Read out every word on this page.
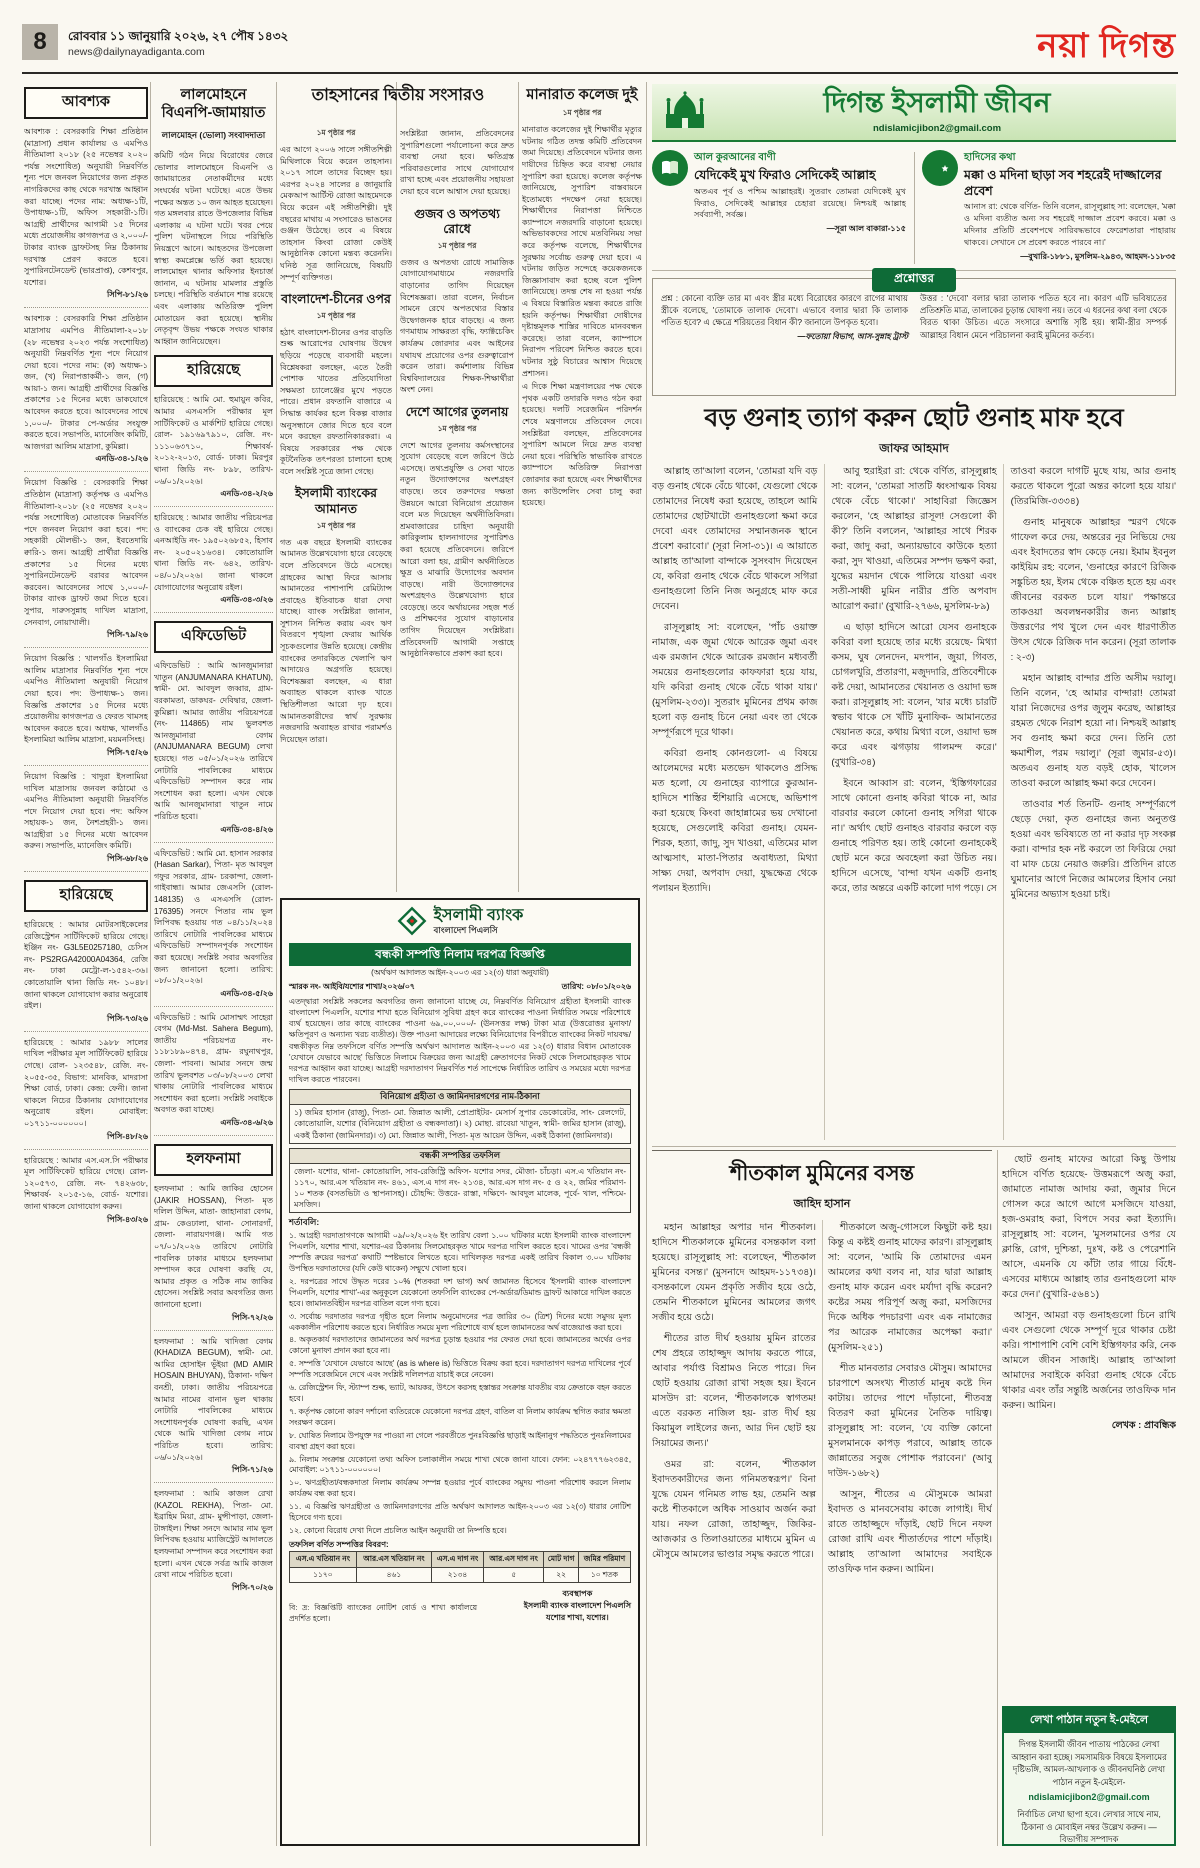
8	রোববার ১১ জানুয়ারি ২০২৬, ২৭ পৌষ ১৪৩২
news@dailynayadiganta.com	নয়া দিগন্ত
আবশ্যক

আবশ্যক : বেসরকারি শিক্ষা প্রতিষ্ঠান (মাদ্রাসা) প্রধান কার্যালয় ও এমপিও নীতিমালা ২০১৮ (২৫ নভেম্বর ২০২০ পর্যন্ত সংশোধিত) অনুযায়ী নিম্নবর্ণিত শূন্য পদে জনবল নিয়োগের জন্য প্রকৃত নাগরিকদের কাছ থেকে দরখাস্ত আহ্বান করা যাচ্ছে। পদের নাম: অধ্যক্ষ-১টি, উপাধ্যক্ষ-১টি, অফিস সহকারী-১টি। আগ্রহী প্রার্থীদের আগামী ১৫ দিনের মধ্যে প্রয়োজনীয় কাগজপত্র ও ২,০০০/- টাকার ব্যাংক ড্রাফটসহ নিম্ন ঠিকানায় দরখাস্ত প্রেরণ করতে হবে। সুপারিনটেনডেন্ট (ভারপ্রাপ্ত), কেশবপুর, যশোর।

সিপি-৮১/২৬

আবশ্যক : বেসরকারি শিক্ষা প্রতিষ্ঠান মাদ্রাসায় এমপিও নীতিমালা-২০১৮ (২৮ নভেম্বর ২০২৩ পর্যন্ত সংশোধিত) অনুযায়ী নিম্নবর্ণিত শূন্য পদে নিয়োগ দেয়া হবে। পদের নাম: (ক) অধ্যক্ষ-১ জন, (খ) নিরাপত্তাকর্মী-১ জন, (গ) আয়া-১ জন। আগ্রহী প্রার্থীদের বিজ্ঞপ্তি প্রকাশের ১৫ দিনের মধ্যে ডাকযোগে আবেদন করতে হবে। আবেদনের সাথে ১,০০০/- টাকার পে-অর্ডার সংযুক্ত করতে হবে। সভাপতি, ম্যানেজিং কমিটি, আজগরা আলিম মাদ্রাসা, কুমিল্লা।

এনডি-৩৪-১/২৬

নিয়োগ বিজ্ঞপ্তি : বেসরকারি শিক্ষা প্রতিষ্ঠান (মাদ্রাসা) কর্তৃপক্ষ ও এমপিও নীতিমালা-২০১৮ (২৫ নভেম্বর ২০২০ পর্যন্ত সংশোধিত) মোতাবেক নিম্নবর্ণিত পদে জনবল নিয়োগ করা হবে। পদ: সহকারী মৌলভী-১ জন, ইবতেদায়ি ক্বারি-১ জন। আগ্রহী প্রার্থীরা বিজ্ঞপ্তি প্রকাশের ১৫ দিনের মধ্যে সুপারিনটেনডেন্ট বরাবর আবেদন করবেন। আবেদনের সাথে ১,০০০/- টাকার ব্যাংক ড্রাফট জমা দিতে হবে। সুপার, দারুসসুন্নাহ দাখিল মাদ্রাসা, সেনবাগ, নোয়াখালী।

পিসি-৭৯/২৬

নিয়োগ বিজ্ঞপ্তি : খালগাঁও ইসলামিয়া আলিম মাদ্রাসার নিম্নবর্ণিত শূন্য পদে এমপিও নীতিমালা অনুযায়ী নিয়োগ দেয়া হবে। পদ: উপাধ্যক্ষ-১ জন। বিজ্ঞপ্তি প্রকাশের ১৫ দিনের মধ্যে প্রয়োজনীয় কাগজপত্র ও ফেরত খামসহ আবেদন করতে হবে। অধ্যক্ষ, খালগাঁও ইসলামিয়া আলিম মাদ্রাসা, ময়মনসিংহ।

পিসি-৭৫/২৬

নিয়োগ বিজ্ঞপ্তি : খাদুরা ইসলামিয়া দাখিল মাদ্রাসায় জনবল কাঠামো ও এমপিও নীতিমালা অনুযায়ী নিম্নবর্ণিত পদে নিয়োগ দেয়া হবে। পদ: অফিস সহায়ক-১ জন, নৈশপ্রহরী-১ জন। আগ্রহীরা ১৫ দিনের মধ্যে আবেদন করুন। সভাপতি, ম্যানেজিং কমিটি।

পিসি-৬৮/২৬
হারিয়েছে

হারিয়েছে : আমার মোটরসাইকেলের রেজিস্ট্রেশন সার্টিফিকেট হারিয়ে গেছে। ইঞ্জিন নং- G3L5E0257180, চেসিস নং- PS2RGA42000A04364, রেজি নং- ঢাকা মেট্রো-ল-১৫৪২-৩৬। কোতোয়ালি থানা জিডি নং- ১০৪৮। জানা থাকলে যোগাযোগ করার অনুরোধ রইল।

পিসি-৭৩/২৬

হারিয়েছে : আমার ১৯৮৮ সালের দাখিল পরীক্ষার মূল সার্টিফিকেট হারিয়ে গেছে। রোল- ১২৩৫৪৮, রেজি. নং- ২০৫৫-৩৫, বিভাগ: মানবিক, মাদরাসা শিক্ষা বোর্ড, ঢাকা। কেন্দ্র: ফেনী। জানা থাকলে নিচের ঠিকানায় যোগাযোগের অনুরোধ রইল। মোবাইল: ০১৭১১-০০০০০০।

পিসি-৪৮/২৬

হারিয়েছে : আমার এস.এস.সি পরীক্ষার মূল সার্টিফিকেট হারিয়ে গেছে। রোল- ১২০৫৭৩, রেজি. নং- ৭৪২৬৩৮, শিক্ষাবর্ষ- ২০১৫-১৬, বোর্ড- যশোর। জানা থাকলে যোগাযোগ করুন।

পিসি-৪৩/২৬
লালমোহনে বিএনপি-জামায়াত
লালমোহন (ভোলা) সংবাদদাতা

কমিটি গঠন নিয়ে বিরোধের জেরে ভোলার লালমোহনে বিএনপি ও জামায়াতের নেতাকর্মীদের মধ্যে সংঘর্ষের ঘটনা ঘটেছে। এতে উভয় পক্ষের অন্তত ১০ জন আহত হয়েছেন। গত মঙ্গলবার রাতে উপজেলার বিভিন্ন এলাকায় এ ঘটনা ঘটে। খবর পেয়ে পুলিশ ঘটনাস্থলে গিয়ে পরিস্থিতি নিয়ন্ত্রণে আনে। আহতদের উপজেলা স্বাস্থ্য কমপ্লেক্সে ভর্তি করা হয়েছে। লালমোহন থানার অফিসার ইনচার্জ জানান, এ ঘটনায় মামলার প্রস্তুতি চলছে। পরিস্থিতি বর্তমানে শান্ত রয়েছে এবং এলাকায় অতিরিক্ত পুলিশ মোতায়েন করা হয়েছে। স্থানীয় নেতৃবৃন্দ উভয় পক্ষকে সংযত থাকার আহ্বান জানিয়েছেন।

হারিয়েছে

হারিয়েছে : আমি মো. হুমায়ুন কবির, আমার এসএসসি পরীক্ষার মূল সার্টিফিকেট ও মার্কশিট হারিয়ে গেছে। রোল- ১৯১৬৯৭৯১০, রেজি. নং- ১১১০৬৩৭১০, শিক্ষাবর্ষ- ২০১২-২০১৩, বোর্ড- ঢাকা। মিরপুর থানা জিডি নং- ৮৯৮, তারিখ- ০৬/০১/২০২৬।

এনডি-৩৪-২/২৬

হারিয়েছে : আমার জাতীয় পরিচয়পত্র ও ব্যাংকের চেক বই হারিয়ে গেছে। এনআইডি নং- ১৯৫০২৬৮৫২, হিসাব নং- ২০৫০২১৬৩৪। কোতোয়ালি থানা জিডি নং- ৬৪২, তারিখ- ০৪/০১/২০২৬। জানা থাকলে যোগাযোগের অনুরোধ রইল।

এনডি-৩৪-৩/২৬
এফিডেভিট

এফিডেভিট : আমি আনজুমানারা খাতুন (ANJUMANARA KHATUN), স্বামী- মো. আবদুল জব্বার, গ্রাম- বরকামতা, ডাকঘর- দেবিদ্বার, জেলা- কুমিল্লা। আমার জাতীয় পরিচয়পত্রে (নং- 114865) নাম ভুলবশত আনজুমানারা বেগম (ANJUMANARA BEGUM) লেখা হয়েছে। গত ০৫/০১/২০২৬ তারিখে নোটারি পাবলিকের মাধ্যমে এফিডেভিট সম্পাদন করে নাম সংশোধন করা হলো। এখন থেকে আমি আনজুমানারা খাতুন নামে পরিচিত হবো।

এনডি-৩৪-৪/২৬

এফিডেভিট : আমি মো. হাসান সরকার (Hasan Sarkar), পিতা- মৃত আবদুল গফুর সরকার, গ্রাম- চরকান্দা, জেলা- গাইবান্ধা। আমার জেএসসি (রোল- 148135) ও এসএসসি (রোল- 176395) সনদে পিতার নাম ভুল লিপিবদ্ধ হওয়ায় গত ০৪/১১/২০২৪ তারিখে নোটারি পাবলিকের মাধ্যমে এফিডেভিট সম্পাদনপূর্বক সংশোধন করা হয়েছে। সংশ্লিষ্ট সবার অবগতির জন্য জানানো হলো। তারিখ: ০৮/০১/২০২৬।

এনডি-৩৪-৫/২৬

এফিডেভিট : আমি মোসাম্মৎ সাহেরা বেগম (Md-Mst. Sahera Begum), জাতীয় পরিচয়পত্র নং- ১১৮১৮৯০৪৭৪, গ্রাম- রঘুনাথপুর, জেলা- পাবনা। আমার সনদে জন্ম তারিখ ভুলবশত ০৩/০৮/২০০৩ লেখা থাকায় নোটারি পাবলিকের মাধ্যমে সংশোধন করা হলো। সংশ্লিষ্ট সবাইকে অবগত করা যাচ্ছে।

এনডি-৩৪-৬/২৬
হলফনামা

হলফনামা : আমি জাকির হোসেন (JAKIR HOSSAN), পিতা- মৃত দলিল উদ্দিন, মাতা- জাহানারা বেগম, গ্রাম- কেওঢালা, থানা- সোনারগাঁ, জেলা- নারায়ণগঞ্জ। আমি গত ০৭/০১/২০২৬ তারিখে নোটারি পাবলিক ঢাকার মাধ্যমে হলফনামা সম্পাদন করে ঘোষণা করছি যে, আমার প্রকৃত ও সঠিক নাম জাকির হোসেন। সংশ্লিষ্ট সবার অবগতির জন্য জানানো হলো।

পিসি-৭২/২৬

হলফনামা : আমি খাদিজা বেগম (KHADIZA BEGUM), স্বামী- মো. আমির হোসাইন ভূঁইয়া (MD AMIR HOSAIN BHUYAN), ঠিকানা- দক্ষিণ বনশ্রী, ঢাকা। জাতীয় পরিচয়পত্রে আমার নামের বানান ভুল থাকায় নোটারি পাবলিকের মাধ্যমে সংশোধনপূর্বক ঘোষণা করছি, এখন থেকে আমি খাদিজা বেগম নামে পরিচিত হবো। তারিখ: ০৬/০১/২০২৬।

পিসি-৭১/২৬

হলফনামা : আমি কাজল রেখা (KAZOL REKHA), পিতা- মো. ইব্রাহিম মিয়া, গ্রাম- মুন্সীপাড়া, জেলা- টাঙ্গাইল। শিক্ষা সনদে আমার নাম ভুল লিপিবদ্ধ হওয়ায় ম্যাজিস্ট্রেট আদালতে হলফনামা সম্পাদন করে সংশোধন করা হলো। এখন থেকে সর্বত্র আমি কাজল রেখা নামে পরিচিত হবো।

পিসি-৭০/২৬
তাহসানের দ্বিতীয় সংসারও
১ম পৃষ্ঠার পর

এর আগে ২০০৬ সালে সঙ্গীতশিল্পী মিথিলাকে বিয়ে করেন তাহসান। ২০১৭ সালে তাদের বিচ্ছেদ হয়। এরপর ২০২৪ সালের ৪ জানুয়ারি মেকআপ আর্টিস্ট রোজা আহমেদকে বিয়ে করেন এই সঙ্গীতশিল্পী। দুই বছরের মাথায় এ সংসারেও ভাঙনের গুঞ্জন উঠেছে। তবে এ বিষয়ে তাহসান কিংবা রোজা কেউই আনুষ্ঠানিক কোনো মন্তব্য করেননি। ঘনিষ্ঠ সূত্র জানিয়েছে, বিষয়টি সম্পূর্ণ ব্যক্তিগত।

বাংলাদেশ-চীনের ওপর
১ম পৃষ্ঠার পর

হঠাৎ বাংলাদেশ-চীনের ওপর বাড়তি শুল্ক আরোপের ঘোষণায় উদ্বেগ ছড়িয়ে পড়েছে ব্যবসায়ী মহলে। বিশ্লেষকরা বলছেন, এতে তৈরী পোশাক খাতের প্রতিযোগিতা সক্ষমতা চ্যালেঞ্জের মুখে পড়তে পারে। প্রধান রফতানি বাজারে এ সিদ্ধান্ত কার্যকর হলে বিকল্প বাজার অনুসন্ধানে জোর দিতে হবে বলে মনে করছেন রফতানিকারকরা। এ বিষয়ে সরকারের পক্ষ থেকে কূটনৈতিক তৎপরতা চালানো হচ্ছে বলে সংশ্লিষ্ট সূত্রে জানা গেছে।

ইসলামী ব্যাংকের আমানত
১ম পৃষ্ঠার পর

গত এক বছরে ইসলামী ব্যাংকের আমানত উল্লেখযোগ্য হারে বেড়েছে বলে প্রতিবেদনে উঠে এসেছে। গ্রাহকের আস্থা ফিরে আসায় আমানতের পাশাপাশি রেমিট্যান্স প্রবাহেও ইতিবাচক ধারা দেখা যাচ্ছে। ব্যাংক সংশ্লিষ্টরা জানান, সুশাসন নিশ্চিত করায় এবং ঋণ বিতরণে শৃঙ্খলা ফেরায় আর্থিক সূচকগুলোর উন্নতি হয়েছে। কেন্দ্রীয় ব্যাংকের তদারকিতে খেলাপি ঋণ আদায়েও অগ্রগতি হয়েছে। বিশেষজ্ঞরা বলছেন, এ ধারা অব্যাহত থাকলে ব্যাংক খাতে স্থিতিশীলতা আরো দৃঢ় হবে। আমানতকারীদের স্বার্থ সুরক্ষায় নজরদারি অব্যাহত রাখার পরামর্শও দিয়েছেন তারা।

সংশ্লিষ্টরা জানান, প্রতিবেদনের সুপারিশগুলো পর্যালোচনা করে দ্রুত ব্যবস্থা নেয়া হবে। ক্ষতিগ্রস্ত পরিবারগুলোর সাথে যোগাযোগ রাখা হচ্ছে এবং প্রয়োজনীয় সহায়তা দেয়া হবে বলে আশ্বাস দেয়া হয়েছে।

গুজব ও অপতথ্য রোধে
১ম পৃষ্ঠার পর

গুজব ও অপতথ্য রোধে সামাজিক যোগাযোগমাধ্যমে নজরদারি বাড়ানোর তাগিদ দিয়েছেন বিশেষজ্ঞরা। তারা বলেন, নির্বাচন সামনে রেখে অপতথ্যের বিস্তার উদ্বেগজনক হারে বাড়ছে। এ জন্য গণমাধ্যম সাক্ষরতা বৃদ্ধি, ফ্যাক্টচেকিং কার্যক্রম জোরদার এবং আইনের যথাযথ প্রয়োগের ওপর গুরুত্বারোপ করেন তারা। কর্মশালায় বিভিন্ন বিশ্ববিদ্যালয়ের শিক্ষক-শিক্ষার্থীরা অংশ নেন।

দেশে আগের তুলনায়
১ম পৃষ্ঠার পর

দেশে আগের তুলনায় কর্মসংস্থানের সুযোগ বেড়েছে বলে জরিপে উঠে এসেছে। তথ্যপ্রযুক্তি ও সেবা খাতে নতুন উদ্যোক্তাদের অংশগ্রহণ বাড়ছে। তবে তরুণদের দক্ষতা উন্নয়নে আরো বিনিয়োগ প্রয়োজন বলে মত দিয়েছেন অর্থনীতিবিদরা। শ্রমবাজারের চাহিদা অনুযায়ী কারিকুলাম হালনাগাদের সুপারিশও করা হয়েছে প্রতিবেদনে। জরিপে আরো বলা হয়, গ্রামীণ অর্থনীতিতে ক্ষুদ্র ও মাঝারি উদ্যোগের অবদান বাড়ছে। নারী উদ্যোক্তাদের অংশগ্রহণও উল্লেখযোগ্য হারে বেড়েছে। তবে অর্থায়নের সহজ শর্ত ও প্রশিক্ষণের সুযোগ বাড়ানোর তাগিদ দিয়েছেন সংশ্লিষ্টরা। প্রতিবেদনটি আগামী সপ্তাহে আনুষ্ঠানিকভাবে প্রকাশ করা হবে।

মানারাত কলেজ দুই
১ম পৃষ্ঠার পর

মানারাত কলেজের দুই শিক্ষার্থীর মৃত্যুর ঘটনায় গঠিত তদন্ত কমিটি প্রতিবেদন জমা দিয়েছে। প্রতিবেদনে ঘটনার জন্য দায়ীদের চিহ্নিত করে ব্যবস্থা নেয়ার সুপারিশ করা হয়েছে। কলেজ কর্তৃপক্ষ জানিয়েছে, সুপারিশ বাস্তবায়নে ইতোমধ্যে পদক্ষেপ নেয়া হয়েছে। শিক্ষার্থীদের নিরাপত্তা নিশ্চিতে ক্যাম্পাসে নজরদারি বাড়ানো হয়েছে। অভিভাবকদের সাথে মতবিনিময় সভা করে কর্তৃপক্ষ বলেছে, শিক্ষার্থীদের সুরক্ষায় সর্বোচ্চ গুরুত্ব দেয়া হবে। এ ঘটনায় জড়িত সন্দেহে কয়েকজনকে জিজ্ঞাসাবাদ করা হচ্ছে বলে পুলিশ জানিয়েছে। তদন্ত শেষ না হওয়া পর্যন্ত এ বিষয়ে বিস্তারিত মন্তব্য করতে রাজি হয়নি কর্তৃপক্ষ। শিক্ষার্থীরা দোষীদের দৃষ্টান্তমূলক শাস্তির দাবিতে মানববন্ধন করেছে। তারা বলেন, ক্যাম্পাসে নিরাপদ পরিবেশ নিশ্চিত করতে হবে। ঘটনার সুষ্ঠু বিচারের আশ্বাস দিয়েছে প্রশাসন।

এ দিকে শিক্ষা মন্ত্রণালয়ের পক্ষ থেকে পৃথক একটি তদারকি দলও গঠন করা হয়েছে। দলটি সরেজমিন পরিদর্শন শেষে মন্ত্রণালয়ে প্রতিবেদন দেবে। সংশ্লিষ্টরা বলছেন, প্রতিবেদনের সুপারিশ আমলে নিয়ে দ্রুত ব্যবস্থা নেয়া হবে। পরিস্থিতি স্বাভাবিক রাখতে ক্যাম্পাসে অতিরিক্ত নিরাপত্তা জোরদার করা হয়েছে এবং শিক্ষার্থীদের জন্য কাউন্সেলিং সেবা চালু করা হয়েছে।

ইসলামী ব্যাংক
বাংলাদেশ পিএলসি
বন্ধকী সম্পত্তি নিলাম দরপত্র বিজ্ঞপ্তি
(অর্থঋণ আদালত আইন-২০০৩ এর ১২(৩) ধারা অনুযায়ী)
স্মারক নং- আইবি/যশোর শাখা/২০২৬/০৭	তারিখ: ০৮/০১/২০২৬

এতদ্দ্বারা সংশ্লিষ্ট সকলের অবগতির জন্য জানানো যাচ্ছে যে, নিম্নবর্ণিত বিনিয়োগ গ্রহীতা ইসলামী ব্যাংক বাংলাদেশ পিএলসি, যশোর শাখা হতে বিনিয়োগ সুবিধা গ্রহণ করে ব্যাংকের পাওনা নির্ধারিত সময়ে পরিশোধে ব্যর্থ হয়েছেন। তার কাছে ব্যাংকের পাওনা ৬৯,০০,০০০/- (ঊনসত্তর লক্ষ) টাকা মাত্র (উত্তরোত্তর মুনাফা/ক্ষতিপূরণ ও অন্যান্য খরচ ব্যতীত)। উক্ত পাওনা আদায়ের লক্ষ্যে বিনিয়োগের বিপরীতে ব্যাংকের নিকট দায়বদ্ধ/বন্ধকীকৃত নিম্ন তফসিলে বর্ণিত সম্পত্তি অর্থঋণ আদালত আইন-২০০৩ এর ১২(৩) ধারার বিধান মোতাবেক 'যেখানে যেভাবে আছে' ভিত্তিতে নিলামে বিক্রয়ের জন্য আগ্রহী ক্রেতাগণের নিকট থেকে সিলমোহরকৃত খামে দরপত্র আহ্বান করা যাচ্ছে। আগ্রহী দরদাতাগণ নিম্নবর্ণিত শর্ত সাপেক্ষে নির্ধারিত তারিখ ও সময়ের মধ্যে দরপত্র দাখিল করতে পারবেন।

বিনিয়োগ গ্রহীতা ও জামিনদারগণের নাম-ঠিকানা
১) জমির হাসান (রাজু), পিতা- মো. জিন্নাত আলী, প্রোপ্রাইটর- মেসার্স সুপার ডেকোরেটর, সাং- রেলগেট, কোতোয়ালি, যশোর (বিনিয়োগ গ্রহীতা ও বন্ধকদাতা)। ২) মোছা. রাবেয়া খাতুন, স্বামী- জমির হাসান (রাজু), একই ঠিকানা (জামিনদার)। ৩) মো. জিন্নাত আলী, পিতা- মৃত আয়েন উদ্দিন, একই ঠিকানা (জামিনদার)।
বন্ধকী সম্পত্তির তফসিল
জেলা- যশোর, থানা- কোতোয়ালি, সাব-রেজিস্ট্রি অফিস- যশোর সদর, মৌজা- চাঁচড়া। এস.এ খতিয়ান নং- ১১৭০, আর.এস খতিয়ান নং- ৪৬১, এস.এ দাগ নং- ২১৩৪, আর.এস দাগ নং- ৫ ও ২২, জমির পরিমাণ- ১০ শতক (বসতভিটা ও স্থাপনাসহ)। চৌহদ্দি: উত্তরে- রাস্তা, দক্ষিণে- আবদুল মালেক, পূর্বে- খাল, পশ্চিমে- মসজিদ।
শর্তাবলি:

১. আগ্রহী দরদাতাগণকে আগামী ০৯/০২/২০২৬ ইং তারিখ বেলা ১.০০ ঘটিকার মধ্যে ইসলামী ব্যাংক বাংলাদেশ পিএলসি, যশোর শাখা, যশোর-এর ঠিকানায় সিলমোহরকৃত খামে দরপত্র দাখিল করতে হবে। খামের ওপর 'বন্ধকী সম্পত্তি ক্রয়ের দরপত্র' কথাটি স্পষ্টভাবে লিখতে হবে। দাখিলকৃত দরপত্র একই তারিখ বিকাল ৩.০০ ঘটিকায় উপস্থিত দরদাতাদের (যদি কেউ থাকেন) সম্মুখে খোলা হবে।

২. দরপত্রের সাথে উদ্ধৃত দরের ১০% (শতকরা দশ ভাগ) অর্থ জামানত হিসেবে 'ইসলামী ব্যাংক বাংলাদেশ পিএলসি, যশোর শাখা'-এর অনুকূলে যেকোনো তফসিলি ব্যাংকের পে-অর্ডার/ডিমান্ড ড্রাফট আকারে দাখিল করতে হবে। জামানতবিহীন দরপত্র বাতিল বলে গণ্য হবে।

৩. সর্বোচ্চ দরদাতার দরপত্র গৃহীত হলে নিলাম অনুমোদনের পত্র জারির ৩০ (ত্রিশ) দিনের মধ্যে সমুদয় মূল্য এককালীন পরিশোধ করতে হবে। নির্ধারিত সময়ে মূল্য পরিশোধে ব্যর্থ হলে জামানতের অর্থ বাজেয়াপ্ত করা হবে।

৪. অকৃতকার্য দরদাতাদের জামানতের অর্থ দরপত্র চূড়ান্ত হওয়ার পর ফেরত দেয়া হবে। জামানতের অর্থের ওপর কোনো মুনাফা প্রদান করা হবে না।

৫. সম্পত্তি 'যেখানে যেভাবে আছে' (as is where is) ভিত্তিতে বিক্রয় করা হবে। দরদাতাগণ দরপত্র দাখিলের পূর্বে সম্পত্তি সরেজমিনে দেখে এবং সংশ্লিষ্ট দলিলপত্র যাচাই করে নেবেন।

৬. রেজিস্ট্রেশন ফি, স্ট্যাম্প শুল্ক, ভ্যাট, আয়কর, উৎসে করসহ হস্তান্তর সংক্রান্ত যাবতীয় ব্যয় ক্রেতাকে বহন করতে হবে।

৭. কর্তৃপক্ষ কোনো কারণ দর্শানো ব্যতিরেকে যেকোনো দরপত্র গ্রহণ, বাতিল বা নিলাম কার্যক্রম স্থগিত করার ক্ষমতা সংরক্ষণ করেন।

৮. ঘোষিত নিলামে উপযুক্ত দর পাওয়া না গেলে পরবর্তীতে পুনঃবিজ্ঞপ্তি ছাড়াই আইনানুগ পদ্ধতিতে পুনঃনিলামের ব্যবস্থা গ্রহণ করা হবে।

৯. নিলাম সংক্রান্ত যেকোনো তথ্য অফিস চলাকালীন সময়ে শাখা থেকে জানা যাবে। ফোন: ০২৪৭৭৭৬২৩৪৫, মোবাইল: ০১৭১১-০০০০০০।

১০. ঋণগ্রহীতা/বন্ধকদাতা নিলাম কার্যক্রম সম্পন্ন হওয়ার পূর্বে ব্যাংকের সমুদয় পাওনা পরিশোধ করলে নিলাম কার্যক্রম বন্ধ করা হবে।

১১. এ বিজ্ঞপ্তি ঋণগ্রহীতা ও জামিনদারগণের প্রতি অর্থঋণ আদালত আইন-২০০৩ এর ১২(৩) ধারার নোটিশ হিসেবে গণ্য হবে।

১২. কোনো বিরোধ দেখা দিলে প্রচলিত আইন অনুযায়ী তা নিষ্পত্তি হবে।

তফসিল বর্ণিত সম্পত্তির বিবরণ:
এস.এ খতিয়ান নং	আর.এস খতিয়ান নং	এস.এ দাগ নং	আর.এস দাগ নং	মোট দাগ	জমির পরিমাণ
১১৭০	৪৬১	২১৩৪	৫	২২	১০ শতক
বি: দ্র: বিজ্ঞপ্তিটি ব্যাংকের নোটিশ বোর্ড ও শাখা কার্যালয়ে প্রদর্শিত হলো।
ব্যবস্থাপক
ইসলামী ব্যাংক বাংলাদেশ পিএলসি
যশোর শাখা, যশোর।
দিগন্ত ইসলামী জীবন
ndislamicjibon2@gmail.com
আল কুরআনের বাণী
যেদিকেই মুখ ফিরাও সেদিকেই আল্লাহ

অতএব পূর্ব ও পশ্চিম আল্লাহরই। সুতরাং তোমরা যেদিকেই মুখ ফিরাও, সেদিকেই আল্লাহর চেহারা রয়েছে। নিশ্চয়ই আল্লাহ সর্বব্যাপী, সর্বজ্ঞ।

—সূরা আল বাকারা-১১৫
হাদিসের কথা
মক্কা ও মদিনা ছাড়া সব শহরেই দাজ্জালের প্রবেশ

আনাস রা: থেকে বর্ণিত- তিনি বলেন, রাসূলুল্লাহ সা: বলেছেন, 'মক্কা ও মদিনা ব্যতীত অন্য সব শহরেই দাজ্জাল প্রবেশ করবে। মক্কা ও মদিনার প্রতিটি প্রবেশপথে সারিবদ্ধভাবে ফেরেশতারা পাহারায় থাকবে। সেখানে সে প্রবেশ করতে পারবে না।'

—বুখারি-১৮৮১, মুসলিম-২৯৪৩, আহমদ-১১৮৩৫
প্রশ্নোত্তর
প্রশ্ন : কোনো ব্যক্তি তার মা এবং স্ত্রীর মধ্যে বিরোধের কারণে রাগের মাথায় স্ত্রীকে বলেছে, 'তোমাকে তালাক দেবো'। এভাবে বলার দ্বারা কি তালাক পতিত হবে? এ ক্ষেত্রে শরিয়তের বিধান কী? জানালে উপকৃত হবো।
—ফতোয়া বিভাগ, আস-সুন্নাহ ট্রাস্ট
উত্তর : 'দেবো' বলার দ্বারা তালাক পতিত হবে না। কারণ এটি ভবিষ্যতের প্রতিশ্রুতি মাত্র, তালাকের চূড়ান্ত ঘোষণা নয়। তবে এ ধরনের কথা বলা থেকে বিরত থাকা উচিত। এতে সংসারে অশান্তি সৃষ্টি হয়। স্বামী-স্ত্রীর সম্পর্ক আল্লাহর বিধান মেনে পরিচালনা করাই মুমিনের কর্তব্য।
বড় গুনাহ ত্যাগ করুন ছোট গুনাহ মাফ হবে
জাফর আহমাদ

আল্লাহ তা'আলা বলেন, 'তোমরা যদি বড় বড় গুনাহ থেকে বেঁচে থাকো, যেগুলো থেকে তোমাদের নিষেধ করা হয়েছে, তাহলে আমি তোমাদের ছোটখাটো গুনাহগুলো ক্ষমা করে দেবো এবং তোমাদের সম্মানজনক স্থানে প্রবেশ করাবো।' (সূরা নিসা-৩১)। এ আয়াতে আল্লাহ তা'আলা বান্দাকে সুসংবাদ দিয়েছেন যে, কবিরা গুনাহ থেকে বেঁচে থাকলে সগিরা গুনাহগুলো তিনি নিজ অনুগ্রহে মাফ করে দেবেন।

রাসূলুল্লাহ সা: বলেছেন, 'পাঁচ ওয়াক্ত নামাজ, এক জুমা থেকে আরেক জুমা এবং এক রমজান থেকে আরেক রমজান মধ্যবর্তী সময়ের গুনাহগুলোর কাফফারা হয়ে যায়, যদি কবিরা গুনাহ থেকে বেঁচে থাকা যায়।' (মুসলিম-২৩৩)। সুতরাং মুমিনের প্রথম কাজ হলো বড় গুনাহ চিনে নেয়া এবং তা থেকে সম্পূর্ণরূপে দূরে থাকা।

কবিরা গুনাহ কোনগুলো- এ বিষয়ে আলেমদের মধ্যে মতভেদ থাকলেও প্রসিদ্ধ মত হলো, যে গুনাহের ব্যাপারে কুরআন-হাদিসে শাস্তির হুঁশিয়ারি এসেছে, অভিশাপ করা হয়েছে কিংবা জাহান্নামের ভয় দেখানো হয়েছে, সেগুলোই কবিরা গুনাহ। যেমন- শিরক, হত্যা, জাদু, সুদ খাওয়া, এতিমের মাল আত্মসাৎ, মাতা-পিতার অবাধ্যতা, মিথ্যা সাক্ষ্য দেয়া, অপবাদ দেয়া, যুদ্ধক্ষেত্র থেকে পলায়ন ইত্যাদি।

আবু হুরাইরা রা: থেকে বর্ণিত, রাসূলুল্লাহ সা: বলেন, 'তোমরা সাতটি ধ্বংসাত্মক বিষয় থেকে বেঁচে থাকো।' সাহাবিরা জিজ্ঞেস করলেন, 'হে আল্লাহর রাসূল! সেগুলো কী কী?' তিনি বললেন, 'আল্লাহর সাথে শিরক করা, জাদু করা, অন্যায়ভাবে কাউকে হত্যা করা, সুদ খাওয়া, এতিমের সম্পদ ভক্ষণ করা, যুদ্ধের ময়দান থেকে পালিয়ে যাওয়া এবং সতী-সাধ্বী মুমিন নারীর প্রতি অপবাদ আরোপ করা।' (বুখারি-২৭৬৬, মুসলিম-৮৯)

এ ছাড়া হাদিসে আরো যেসব গুনাহকে কবিরা বলা হয়েছে তার মধ্যে রয়েছে- মিথ্যা কসম, ঘুষ লেনদেন, মদপান, জুয়া, গিবত, চোগলখুরি, প্রতারণা, মজুদদারি, প্রতিবেশীকে কষ্ট দেয়া, আমানতের খেয়ানত ও ওয়াদা ভঙ্গ করা। রাসূলুল্লাহ সা: বলেন, 'যার মধ্যে চারটি স্বভাব থাকে সে খাঁটি মুনাফিক- আমানতের খেয়ানত করে, কথায় মিথ্যা বলে, ওয়াদা ভঙ্গ করে এবং ঝগড়ায় গালমন্দ করে।' (বুখারি-৩৪)

ইবনে আব্বাস রা: বলেন, 'ইস্তিগফারের সাথে কোনো গুনাহ কবিরা থাকে না, আর বারবার করলে কোনো গুনাহ সগিরা থাকে না।' অর্থাৎ ছোট গুনাহও বারবার করলে বড় গুনাহে পরিণত হয়। তাই কোনো গুনাহকেই ছোট মনে করে অবহেলা করা উচিত নয়। হাদিসে এসেছে, 'বান্দা যখন একটি গুনাহ করে, তার অন্তরে একটি কালো দাগ পড়ে। সে তাওবা করলে দাগটি মুছে যায়, আর গুনাহ করতে থাকলে পুরো অন্তর কালো হয়ে যায়।' (তিরমিজি-৩৩৩৪)

গুনাহ মানুষকে আল্লাহর স্মরণ থেকে গাফেল করে দেয়, অন্তরের নূর নিভিয়ে দেয় এবং ইবাদতের স্বাদ কেড়ে নেয়। ইমাম ইবনুল কাইয়িম রহ: বলেন, 'গুনাহের কারণে রিজিক সঙ্কুচিত হয়, ইলম থেকে বঞ্চিত হতে হয় এবং জীবনের বরকত চলে যায়।' পক্ষান্তরে তাকওয়া অবলম্বনকারীর জন্য আল্লাহ উত্তরণের পথ খুলে দেন এবং ধারণাতীত উৎস থেকে রিজিক দান করেন। (সূরা তালাক : ২-৩)

মহান আল্লাহ বান্দার প্রতি অসীম দয়ালু। তিনি বলেন, 'হে আমার বান্দারা! তোমরা যারা নিজেদের ওপর জুলুম করেছ, আল্লাহর রহমত থেকে নিরাশ হয়ো না। নিশ্চয়ই আল্লাহ সব গুনাহ ক্ষমা করে দেন। তিনি তো ক্ষমাশীল, পরম দয়ালু।' (সূরা জুমার-৫৩)। অতএব গুনাহ যত বড়ই হোক, খালেস তাওবা করলে আল্লাহ ক্ষমা করে দেবেন।

তাওবার শর্ত তিনটি- গুনাহ সম্পূর্ণরূপে ছেড়ে দেয়া, কৃত গুনাহের জন্য অনুতপ্ত হওয়া এবং ভবিষ্যতে তা না করার দৃঢ় সংকল্প করা। বান্দার হক নষ্ট করলে তা ফিরিয়ে দেয়া বা মাফ চেয়ে নেয়াও জরুরি। প্রতিদিন রাতে ঘুমানোর আগে নিজের আমলের হিসাব নেয়া মুমিনের অভ্যাস হওয়া চাই।

শীতকাল মুমিনের বসন্ত
জাহিদ হাসান

মহান আল্লাহর অপার দান শীতকাল। হাদিসে শীতকালকে মুমিনের বসন্তকাল বলা হয়েছে। রাসূলুল্লাহ সা: বলেছেন, 'শীতকাল মুমিনের বসন্ত।' (মুসনাদে আহমদ-১১৭৩৪)। বসন্তকালে যেমন প্রকৃতি সজীব হয়ে ওঠে, তেমনি শীতকালে মুমিনের আমলের জগৎ সজীব হয়ে ওঠে।

শীতের রাত দীর্ঘ হওয়ায় মুমিন রাতের শেষ প্রহরে তাহাজ্জুদ আদায় করতে পারে, আবার পর্যাপ্ত বিশ্রামও নিতে পারে। দিন ছোট হওয়ায় রোজা রাখা সহজ হয়। ইবনে মাসউদ রা: বলেন, 'শীতকালকে স্বাগতম! এতে বরকত নাজিল হয়- রাত দীর্ঘ হয় কিয়ামুল লাইলের জন্য, আর দিন ছোট হয় সিয়ামের জন্য।'

ওমর রা: বলেন, 'শীতকাল ইবাদতকারীদের জন্য গনিমতস্বরূপ।' বিনা যুদ্ধে যেমন গনিমত লাভ হয়, তেমনি অল্প কষ্টে শীতকালে অধিক সাওয়াব অর্জন করা যায়। নফল রোজা, তাহাজ্জুদ, জিকির-আজকার ও তিলাওয়াতের মাধ্যমে মুমিন এ মৌসুমে আমলের ভাণ্ডার সমৃদ্ধ করতে পারে।

শীতকালে অজু-গোসলে কিছুটা কষ্ট হয়। কিন্তু এ কষ্টই গুনাহ মাফের কারণ। রাসূলুল্লাহ সা: বলেন, 'আমি কি তোমাদের এমন আমলের কথা বলব না, যার দ্বারা আল্লাহ গুনাহ মাফ করেন এবং মর্যাদা বৃদ্ধি করেন? কষ্টের সময় পরিপূর্ণ অজু করা, মসজিদের দিকে অধিক পদচারণা এবং এক নামাজের পর আরেক নামাজের অপেক্ষা করা।' (মুসলিম-২৫১)

শীত মানবতার সেবারও মৌসুম। আমাদের চারপাশে অসংখ্য শীতার্ত মানুষ কষ্টে দিন কাটায়। তাদের পাশে দাঁড়ানো, শীতবস্ত্র বিতরণ করা মুমিনের নৈতিক দায়িত্ব। রাসূলুল্লাহ সা: বলেন, 'যে ব্যক্তি কোনো মুসলমানকে কাপড় পরাবে, আল্লাহ তাকে জান্নাতের সবুজ পোশাক পরাবেন।' (আবু দাউদ-১৬৮২)

আসুন, শীতের এ মৌসুমকে আমরা ইবাদত ও মানবসেবায় কাজে লাগাই। দীর্ঘ রাতে তাহাজ্জুদে দাঁড়াই, ছোট দিনে নফল রোজা রাখি এবং শীতার্তদের পাশে দাঁড়াই। আল্লাহ তা'আলা আমাদের সবাইকে তাওফিক দান করুন। আমিন।

ছোট গুনাহ মাফের আরো কিছু উপায় হাদিসে বর্ণিত হয়েছে- উত্তমরূপে অজু করা, জামাতে নামাজ আদায় করা, জুমার দিনে গোসল করে আগে আগে মসজিদে যাওয়া, হজ-ওমরাহ করা, বিপদে সবর করা ইত্যাদি। রাসূলুল্লাহ সা: বলেন, 'মুসলমানের ওপর যে ক্লান্তি, রোগ, দুশ্চিন্তা, দুঃখ, কষ্ট ও পেরেশানি আসে, এমনকি যে কাঁটা তার গায়ে বিঁধে- এসবের মাধ্যমে আল্লাহ তার গুনাহগুলো মাফ করে দেন।' (বুখারি-৫৬৪১)

আসুন, আমরা বড় গুনাহগুলো চিনে রাখি এবং সেগুলো থেকে সম্পূর্ণ দূরে থাকার চেষ্টা করি। পাশাপাশি বেশি বেশি ইস্তিগফার করি, নেক আমলে জীবন সাজাই। আল্লাহ তা'আলা আমাদের সবাইকে কবিরা গুনাহ থেকে বেঁচে থাকার এবং তাঁর সন্তুষ্টি অর্জনের তাওফিক দান করুন। আমিন।

লেখক : প্রাবন্ধিক
লেখা পাঠান নতুন ই-মেইলে
দিগন্ত ইসলামী জীবন পাতায় পাঠকের লেখা আহ্বান করা হচ্ছে। সমসাময়িক বিষয়ে ইসলামের দৃষ্টিভঙ্গি, আমল-আখলাক ও জীবনঘনিষ্ঠ লেখা পাঠান নতুন ই-মেইলে-
ndislamicjibon2@gmail.com
নির্বাচিত লেখা ছাপা হবে। লেখার সাথে নাম, ঠিকানা ও মোবাইল নম্বর উল্লেখ করুন। —বিভাগীয় সম্পাদক
